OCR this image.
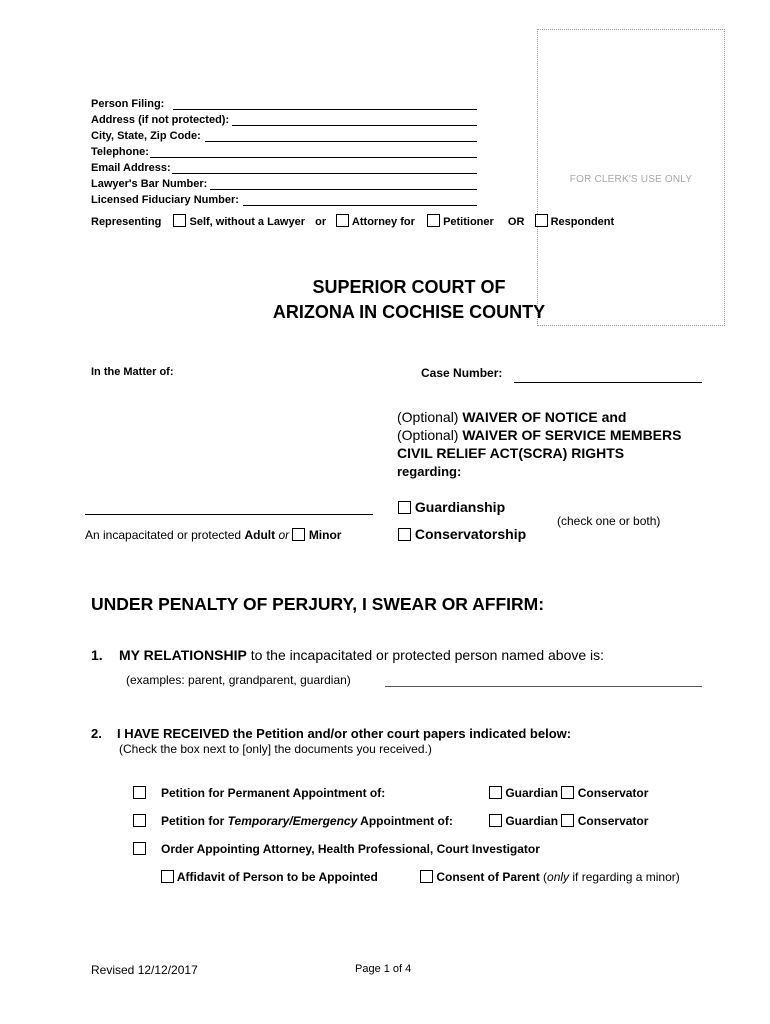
FOR CLERK'S USE ONLY
Person Filing:
Address (if not protected):
City, State, Zip Code:
Telephone:
Email Address:
Lawyer's Bar Number:
Licensed Fiduciary Number:
Representing	Self, without a Lawyer or Attorney for	Petitioner OR Respondent
SUPERIOR COURT OF
ARIZONA IN COCHISE COUNTY
In the Matter of:	Case Number:
(Optional) WAIVER OF NOTICE and
(Optional) WAIVER OF SERVICE MEMBERS
CIVIL RELIEF ACT(SCRA) RIGHTS
regarding:
Guardianship
(check one or both)
Conservatorship
An incapacitated or protected Adult or Minor
UNDER PENALTY OF PERJURY, I SWEAR OR AFFIRM:
1. MY RELATIONSHIP to the incapacitated or protected person named above is:
(examples: parent, grandparent, guardian)
2. I HAVE RECEIVED the Petition and/or other court papers indicated below:
(Check the box next to [only] the documents you received.)
Petition for Permanent Appointment of:	Guardian Conservator
Petition for Temporary/Emergency Appointment of:	Guardian Conservator
Order Appointing Attorney, Health Professional, Court Investigator
Affidavit of Person to be Appointed	Consent of Parent (only if regarding a minor)
Revised 12/12/2017	Page 1 of 4
